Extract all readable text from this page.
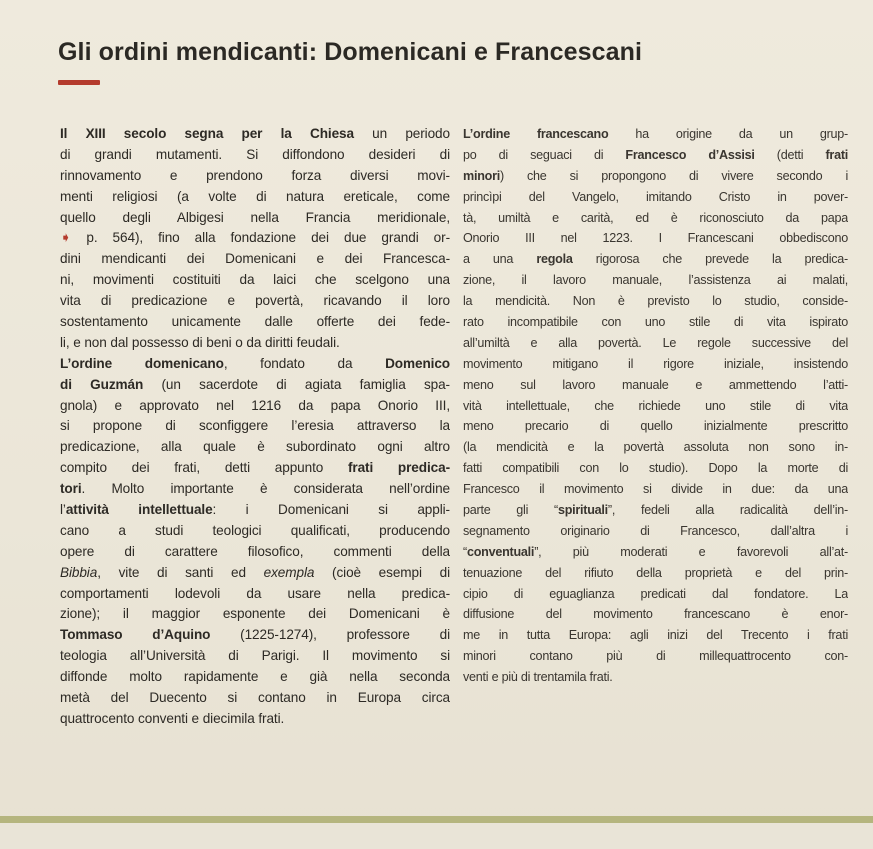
Gli ordini mendicanti: Domenicani e Francescani
Il XIII secolo segna per la Chiesa un periodo
di grandi mutamenti. Si diffondono desideri di
rinnovamento e prendono forza diversi movi-
menti religiosi (a volte di natura ereticale, come
quello degli Albigesi nella Francia meridionale,
➧ p. 564), fino alla fondazione dei due grandi or-
dini mendicanti dei Domenicani e dei Francesca-
ni, movimenti costituiti da laici che scelgono una
vita di predicazione e povertà, ricavando il loro
sostentamento unicamente dalle offerte dei fede-
li, e non dal possesso di beni o da diritti feudali.
L’ordine domenicano, fondato da Domenico
di Guzmán (un sacerdote di agiata famiglia spa-
gnola) e approvato nel 1216 da papa Onorio III,
si propone di sconfiggere l’eresia attraverso la
predicazione, alla quale è subordinato ogni altro
compito dei frati, detti appunto frati predica-
tori. Molto importante è considerata nell’ordine
l’attività intellettuale: i Domenicani si appli-
cano a studi teologici qualificati, producendo
opere di carattere filosofico, commenti della
Bibbia, vite di santi ed exempla (cioè esempi di
comportamenti lodevoli da usare nella predica-
zione); il maggior esponente dei Domenicani è
Tommaso d’Aquino (1225-1274), professore di
teologia all’Università di Parigi. Il movimento si
diffonde molto rapidamente e già nella seconda
metà del Duecento si contano in Europa circa
quattrocento conventi e diecimila frati.
L’ordine francescano ha origine da un grup-
po di seguaci di Francesco d’Assisi (detti frati
minori) che si propongono di vivere secondo i
princìpi del Vangelo, imitando Cristo in pover-
tà, umiltà e carità, ed è riconosciuto da papa
Onorio III nel 1223. I Francescani obbediscono
a una regola rigorosa che prevede la predica-
zione, il lavoro manuale, l’assistenza ai malati,
la mendicità. Non è previsto lo studio, conside-
rato incompatibile con uno stile di vita ispirato
all’umiltà e alla povertà. Le regole successive del
movimento mitigano il rigore iniziale, insistendo
meno sul lavoro manuale e ammettendo l’atti-
vità intellettuale, che richiede uno stile di vita
meno precario di quello inizialmente prescritto
(la mendicità e la povertà assoluta non sono in-
fatti compatibili con lo studio). Dopo la morte di
Francesco il movimento si divide in due: da una
parte gli “spirituali”, fedeli alla radicalità dell’in-
segnamento originario di Francesco, dall’altra i
“conventuali”, più moderati e favorevoli all’at-
tenuazione del rifiuto della proprietà e del prin-
cipio di eguaglianza predicati dal fondatore. La
diffusione del movimento francescano è enor-
me in tutta Europa: agli inizi del Trecento i frati
minori contano più di millequattrocento con-
venti e più di trentamila frati.
